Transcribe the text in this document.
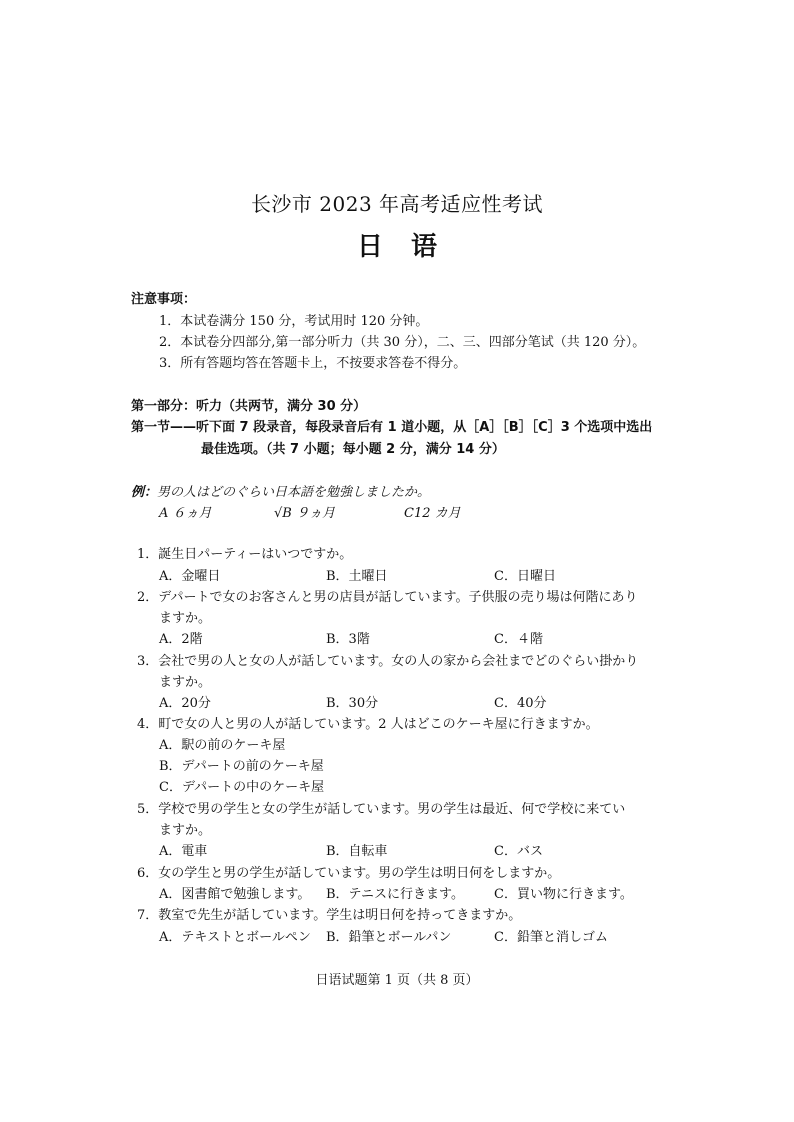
长沙市 2023 年高考适应性考试
日 语
注意事项：
1．本试卷满分 150 分，考试用时 120 分钟。
2．本试卷分四部分,第一部分听力（共 30 分），二、三、四部分笔试（共 120 分）。
3．所有答题均答在答题卡上，不按要求答卷不得分。
第一部分：听力（共两节，满分 30 分）
第一节——听下面 7 段录音，每段录音后有 1 道小题，从［A］［B］［C］3 个选项中选出
最佳选项。（共 7 小题；每小题 2 分，满分 14 分）
例：男の人はどのぐらい日本語を勉強しましたか。
A ６ヵ月	√B ９ヵ月	C12 カ月
1．誕生日パーティーはいつですか。
A．金曜日	B．土曜日	C．日曜日
2．デパートで女のお客さんと男の店員が話しています。子供服の売り場は何階にあり
ますか。
A．2階	B．3階	C．４階
3．会社で男の人と女の人が話しています。女の人の家から会社までどのぐらい掛かり
ますか。
A．20分	B．30分	C．40分
4．町で女の人と男の人が話しています。2 人はどこのケーキ屋に行きますか。
A．駅の前のケーキ屋
B．デパートの前のケーキ屋
C．デパートの中のケーキ屋
5．学校で男の学生と女の学生が話しています。男の学生は最近、何で学校に来てい
ますか。
A．電車	B．自転車	C．バス
6．女の学生と男の学生が話しています。男の学生は明日何をしますか。
A．図書館で勉強します。 B．テニスに行きます。 C．買い物に行きます。
7．教室で先生が話しています。学生は明日何を持ってきますか。
A．テキストとボールペン B．鉛筆とボールパン	C．鉛筆と消しゴム
日语试题第 1 页（共 8 页）
